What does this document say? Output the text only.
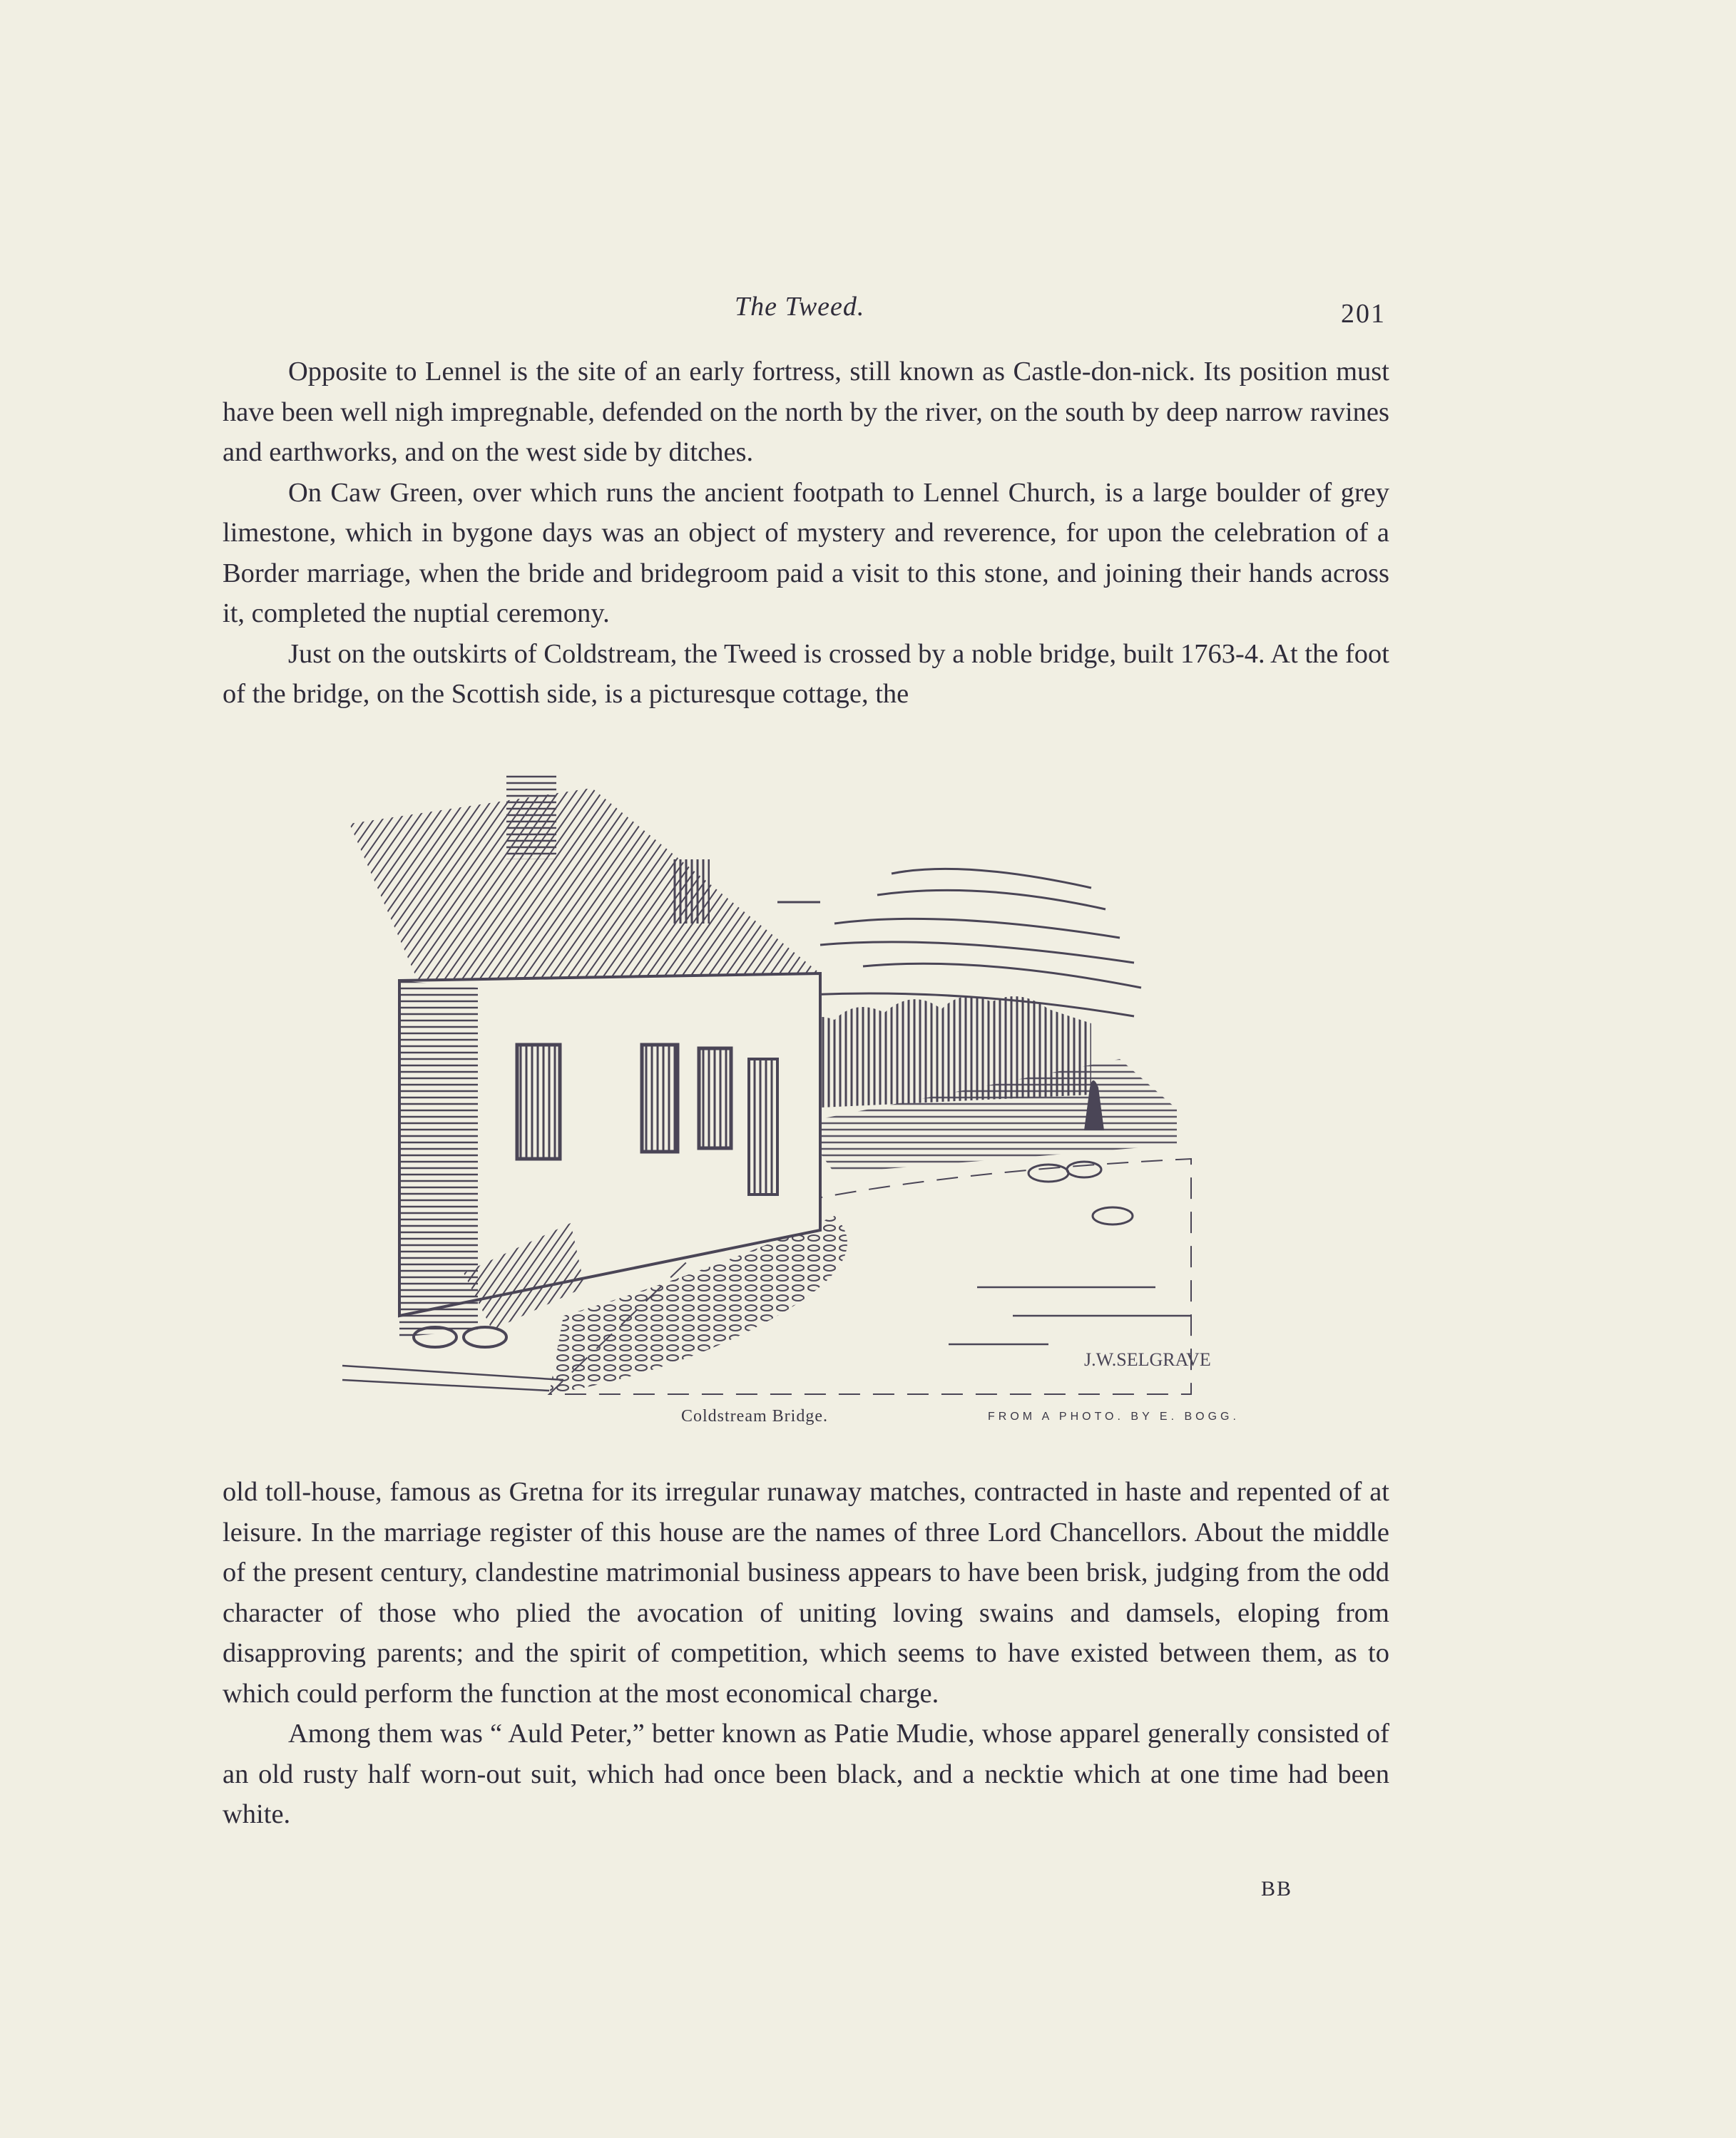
The Tweed.	201

Opposite to Lennel is the site of an early fortress, still known as Castle-don-nick. Its position must have been well nigh impregnable, defended on the north by the river, on the south by deep narrow ravines and earthworks, and on the west side by ditches.

On Caw Green, over which runs the ancient footpath to Lennel Church, is a large boulder of grey limestone, which in bygone days was an object of mystery and reverence, for upon the celebration of a Border marriage, when the bride and bridegroom paid a visit to this stone, and joining their hands across it, completed the nuptial ceremony.

Just on the outskirts of Coldstream, the Tweed is crossed by a noble bridge, built 1763-4. At the foot of the bridge, on the Scottish side, is a picturesque cottage, the

J.W.SELGRAVE
Coldstream Bridge.	FROM A PHOTO. BY E. BOGG.

old toll-house, famous as Gretna for its irregular runaway matches, contracted in haste and repented of at leisure. In the marriage register of this house are the names of three Lord Chancellors. About the middle of the present century, clandestine matrimonial business appears to have been brisk, judging from the odd character of those who plied the avocation of uniting loving swains and damsels, eloping from disapproving parents; and the spirit of competition, which seems to have existed between them, as to which could perform the function at the most economical charge.

Among them was “ Auld Peter,” better known as Patie Mudie, whose apparel generally consisted of an old rusty half worn-out suit, which had once been black, and a necktie which at one time had been white.

BB
